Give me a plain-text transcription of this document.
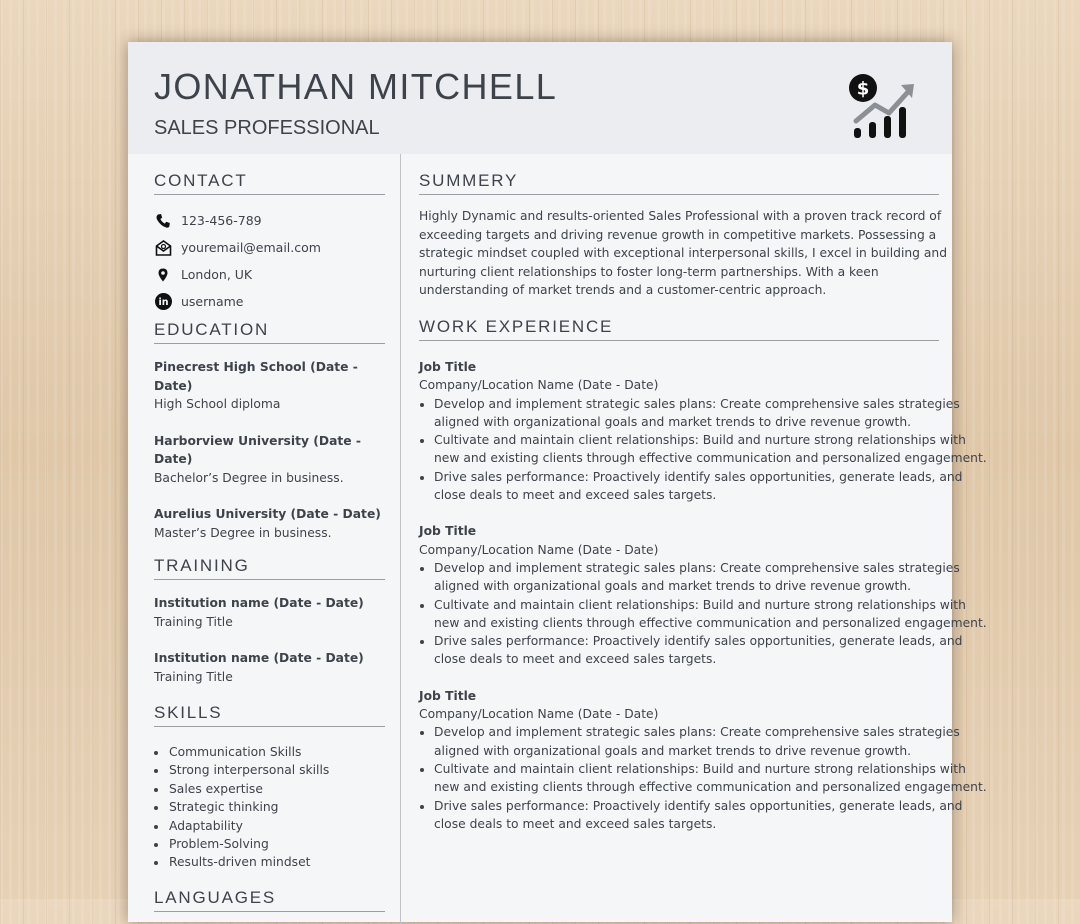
JONATHAN MITCHELL
SALES PROFESSIONAL
$
CONTACT
123-456-789
youremail@email.com
London, UK
in username
EDUCATION
Pinecrest High School (Date - Date)
High School diploma
Harborview University (Date - Date)
Bachelor’s Degree in business.
Aurelius University (Date - Date)
Master’s Degree in business.
TRAINING
Institution name (Date - Date)
Training Title
Institution name (Date - Date)
Training Title
SKILLS
• Communication Skills
• Strong interpersonal skills
• Sales expertise
• Strategic thinking
• Adaptability
• Problem-Solving
• Results-driven mindset
LANGUAGES
SUMMERY
Highly Dynamic and results-oriented Sales Professional with a proven track record of
exceeding targets and driving revenue growth in competitive markets. Possessing a
strategic mindset coupled with exceptional interpersonal skills, I excel in building and
nurturing client relationships to foster long-term partnerships. With a keen
understanding of market trends and a customer-centric approach.
WORK EXPERIENCE
Job Title
Company/Location Name (Date - Date)
• Develop and implement strategic sales plans: Create comprehensive sales strategies
aligned with organizational goals and market trends to drive revenue growth.
• Cultivate and maintain client relationships: Build and nurture strong relationships with
new and existing clients through effective communication and personalized engagement.
• Drive sales performance: Proactively identify sales opportunities, generate leads, and
close deals to meet and exceed sales targets.
Job Title
Company/Location Name (Date - Date)
• Develop and implement strategic sales plans: Create comprehensive sales strategies
aligned with organizational goals and market trends to drive revenue growth.
• Cultivate and maintain client relationships: Build and nurture strong relationships with
new and existing clients through effective communication and personalized engagement.
• Drive sales performance: Proactively identify sales opportunities, generate leads, and
close deals to meet and exceed sales targets.
Job Title
Company/Location Name (Date - Date)
• Develop and implement strategic sales plans: Create comprehensive sales strategies
aligned with organizational goals and market trends to drive revenue growth.
• Cultivate and maintain client relationships: Build and nurture strong relationships with
new and existing clients through effective communication and personalized engagement.
• Drive sales performance: Proactively identify sales opportunities, generate leads, and
close deals to meet and exceed sales targets.
